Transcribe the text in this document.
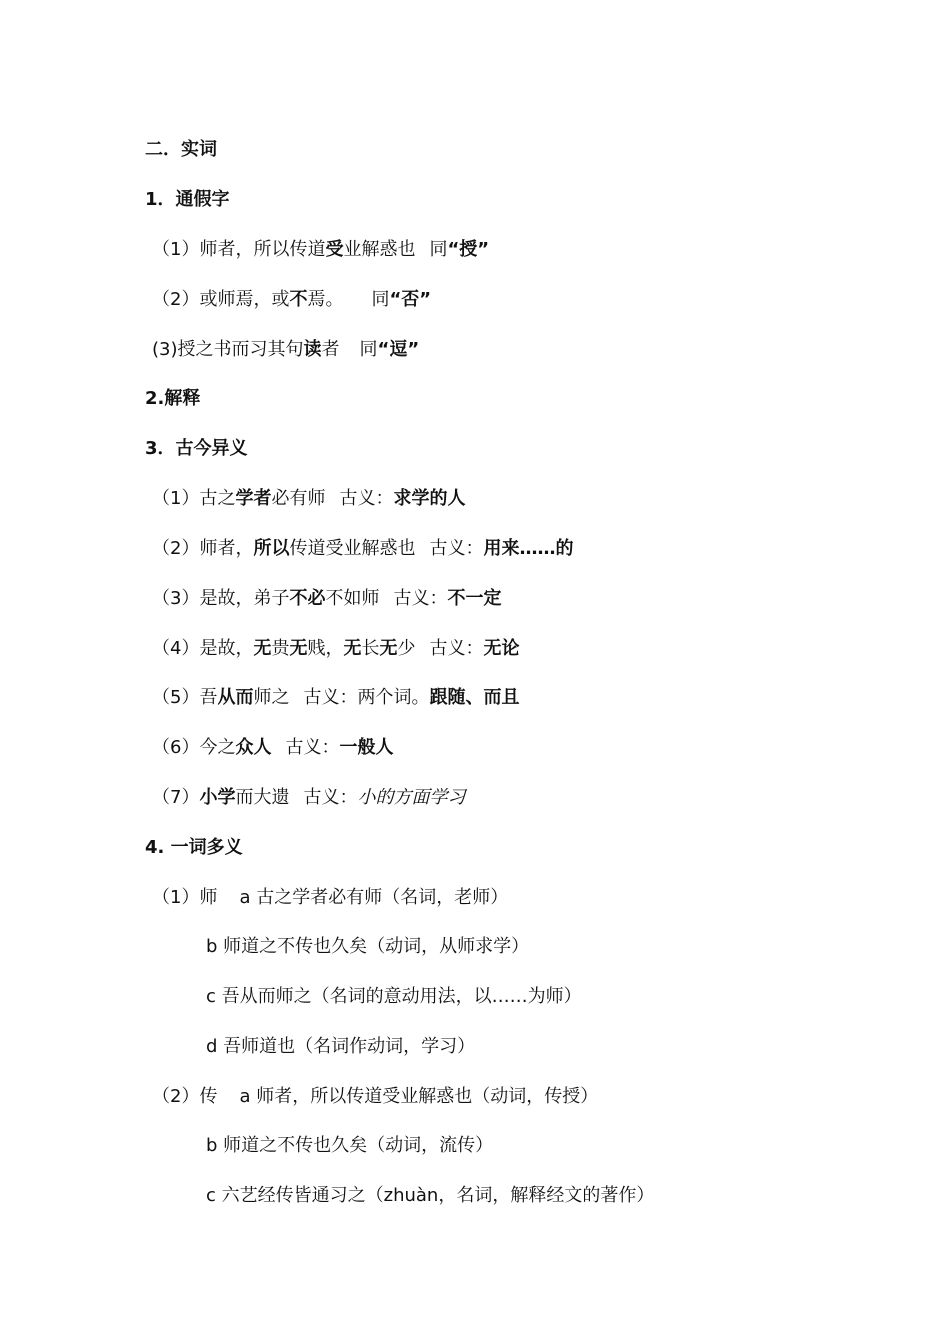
二．实词
1．通假字
（1）师者，所以传道受业解惑也 同“授”
（2）或师焉，或不焉。 同“否”
(3)授之书而习其句读者 同“逗”
2.解释
3．古今异义
（1）古之学者必有师 古义：求学的人
（2）师者，所以传道受业解惑也 古义：用来……的
（3）是故，弟子不必不如师 古义：不一定
（4）是故，无贵无贱，无长无少 古义：无论
（5）吾从而师之 古义：两个词。跟随、而且
（6）今之众人 古义：一般人
（7）小学而大遗 古义：小的方面学习
4. 一词多义
（1）师 a 古之学者必有师（名词，老师）
b 师道之不传也久矣（动词，从师求学）
c 吾从而师之（名词的意动用法，以……为师）
d 吾师道也（名词作动词，学习）
（2）传 a 师者，所以传道受业解惑也（动词，传授）
b 师道之不传也久矣（动词，流传）
c 六艺经传皆通习之（zhuàn，名词，解释经文的著作）
